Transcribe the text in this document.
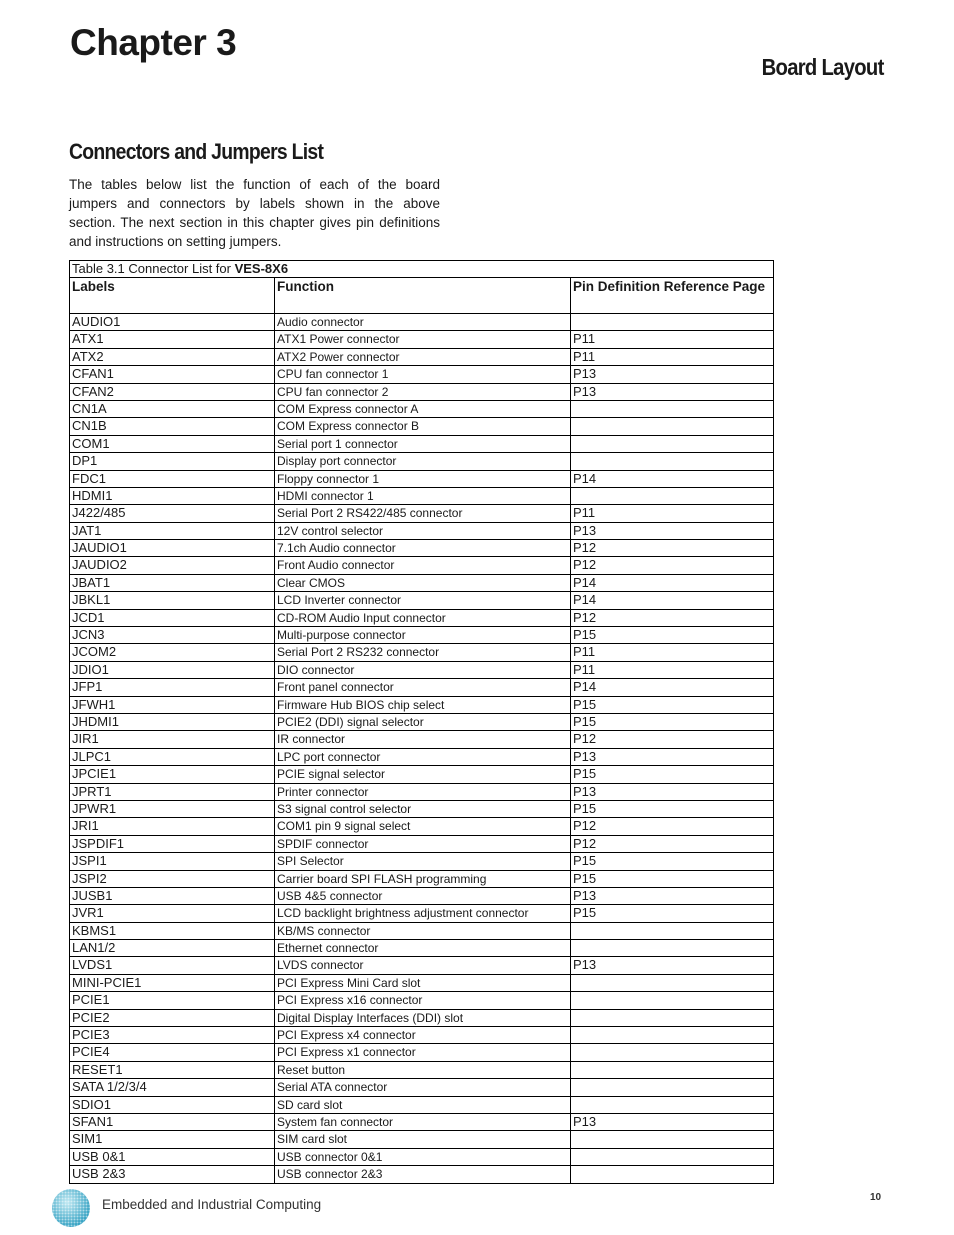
Chapter 3
Board Layout
Connectors and Jumpers List

The tables below list the function of each of the board jumpers and connectors by labels shown in the above section. The next section in this chapter gives pin definitions and instructions on setting jumpers.

Table 3.1 Connector List for VES-8X6		
Labels	Function	Pin Definition Reference Page
AUDIO1	Audio connector	
ATX1	ATX1 Power connector	P11
ATX2	ATX2 Power connector	P11
CFAN1	CPU fan connector 1	P13
CFAN2	CPU fan connector 2	P13
CN1A	COM Express connector A	
CN1B	COM Express connector B	
COM1	Serial port 1 connector	
DP1	Display port connector	
FDC1	Floppy connector 1	P14
HDMI1	HDMI connector 1	
J422/485	Serial Port 2 RS422/485 connector	P11
JAT1	12V control selector	P13
JAUDIO1	7.1ch Audio connector	P12
JAUDIO2	Front Audio connector	P12
JBAT1	Clear CMOS	P14
JBKL1	LCD Inverter connector	P14
JCD1	CD-ROM Audio Input connector	P12
JCN3	Multi-purpose connector	P15
JCOM2	Serial Port 2 RS232 connector	P11
JDIO1	DIO connector	P11
JFP1	Front panel connector	P14
JFWH1	Firmware Hub BIOS chip select	P15
JHDMI1	PCIE2 (DDI) signal selector	P15
JIR1	IR connector	P12
JLPC1	LPC port connector	P13
JPCIE1	PCIE signal selector	P15
JPRT1	Printer connector	P13
JPWR1	S3 signal control selector	P15
JRI1	COM1 pin 9 signal select	P12
JSPDIF1	SPDIF connector	P12
JSPI1	SPI Selector	P15
JSPI2	Carrier board SPI FLASH programming	P15
JUSB1	USB 4&5 connector	P13
JVR1	LCD backlight brightness adjustment connector	P15
KBMS1	KB/MS connector	
LAN1/2	Ethernet connector	
LVDS1	LVDS connector	P13
MINI-PCIE1	PCI Express Mini Card slot	
PCIE1	PCI Express x16 connector	
PCIE2	Digital Display Interfaces (DDI) slot	
PCIE3	PCI Express x4 connector	
PCIE4	PCI Express x1 connector	
RESET1	Reset button	
SATA 1/2/3/4	Serial ATA connector	
SDIO1	SD card slot	
SFAN1	System fan connector	P13
SIM1	SIM card slot	
USB 0&1	USB connector 0&1	
USB 2&3	USB connector 2&3	
Embedded and Industrial Computing	10
